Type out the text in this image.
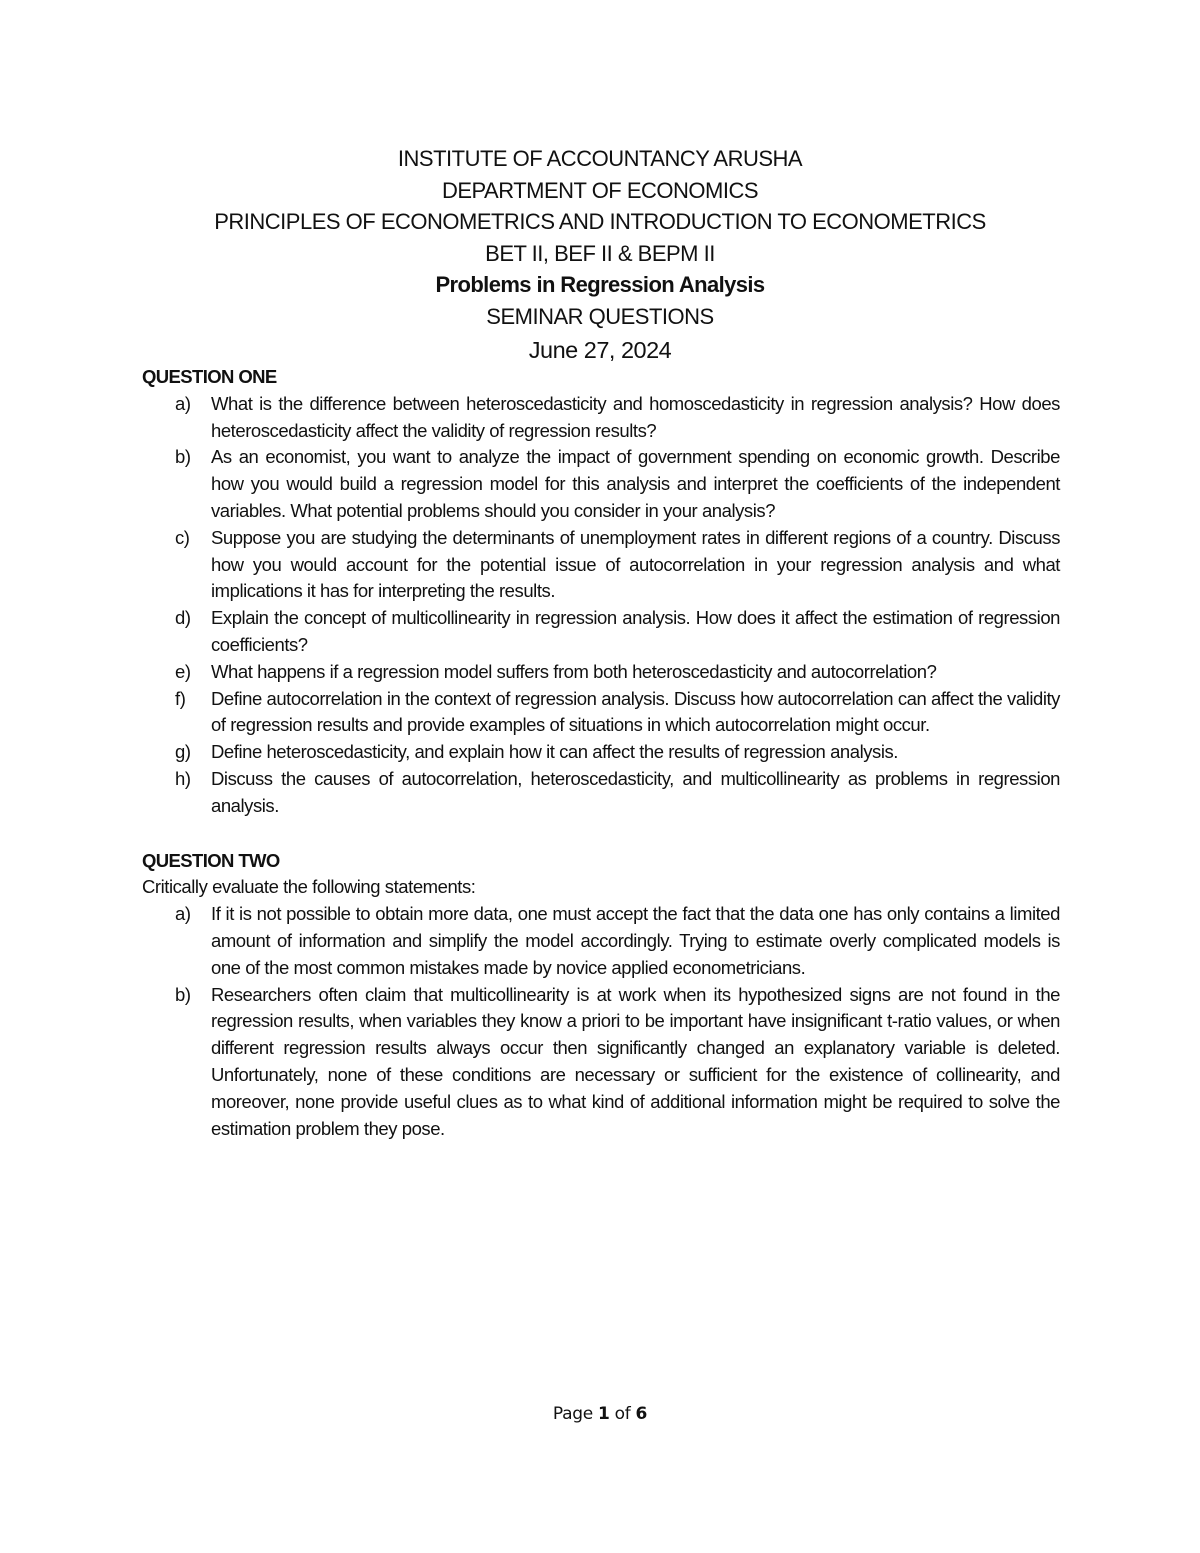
INSTITUTE OF ACCOUNTANCY ARUSHA
DEPARTMENT OF ECONOMICS
PRINCIPLES OF ECONOMETRICS AND INTRODUCTION TO ECONOMETRICS
BET II, BEF II & BEPM II
Problems in Regression Analysis
SEMINAR QUESTIONS
June 27, 2024
QUESTION ONE
a) What is the difference between heteroscedasticity and homoscedasticity in regression analysis? How does heteroscedasticity affect the validity of regression results?
b) As an economist, you want to analyze the impact of government spending on economic growth. Describe how you would build a regression model for this analysis and interpret the coefficients of the independent variables. What potential problems should you consider in your analysis?
c) Suppose you are studying the determinants of unemployment rates in different regions of a country. Discuss how you would account for the potential issue of autocorrelation in your regression analysis and what implications it has for interpreting the results.
d) Explain the concept of multicollinearity in regression analysis. How does it affect the estimation of regression coefficients?
e) What happens if a regression model suffers from both heteroscedasticity and autocorrelation?
f) Define autocorrelation in the context of regression analysis. Discuss how autocorrelation can affect the validity of regression results and provide examples of situations in which autocorrelation might occur.
g) Define heteroscedasticity, and explain how it can affect the results of regression analysis.
h) Discuss the causes of autocorrelation, heteroscedasticity, and multicollinearity as problems in regression analysis.
QUESTION TWO
Critically evaluate the following statements:
a) If it is not possible to obtain more data, one must accept the fact that the data one has only contains a limited amount of information and simplify the model accordingly. Trying to estimate overly complicated models is one of the most common mistakes made by novice applied econometricians.
b) Researchers often claim that multicollinearity is at work when its hypothesized signs are not found in the regression results, when variables they know a priori to be important have insignificant t-ratio values, or when different regression results always occur then significantly changed an explanatory variable is deleted. Unfortunately, none of these conditions are necessary or sufficient for the existence of collinearity, and moreover, none provide useful clues as to what kind of additional information might be required to solve the estimation problem they pose.
Page 1 of 6
